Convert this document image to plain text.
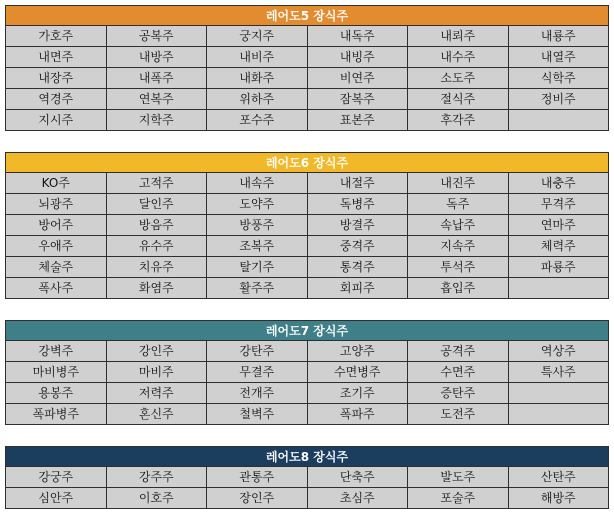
레어도5 장식주
가호주	공복주	궁지주	내독주	내뢰주	내룡주
내면주	내방주	내비주	내빙주	내수주	내열주
내장주	내폭주	내화주	비연주	소도주	식학주
역경주	연복주	위하주	잠복주	절식주	정비주
지시주	지학주	포수주	표본주	후각주
레어도6 장식주
KO주	고적주	내속주	내절주	내진주	내충주
뇌광주	달인주	도약주	독병주	독주	무격주
방어주	방음주	방풍주	방결주	속납주	연마주
우애주	유수주	조복주	중격주	지속주	체력주
체술주	치유주	탈기주	통격주	투석주	파룡주
폭사주	화염주	활주주	회피주	흡입주
레어도7 장식주
강벽주	강인주	강탄주	고양주	공격주	역상주
마비병주	마비주	무결주	수면병주	수면주	특사주
용봉주	저력주	전개주	조기주	증탄주
폭파병주	혼신주	철벽주	폭파주	도전주
레어도8 장식주
강궁주	강주주	관통주	단축주	발도주	산탄주
심안주	이호주	장인주	초심주	포술주	해방주
